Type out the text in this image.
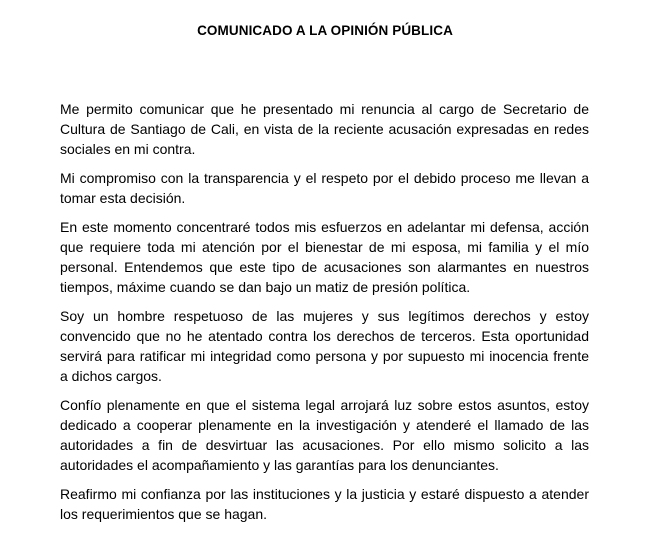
COMUNICADO A LA OPINIÓN PÚBLICA

Me permito comunicar que he presentado mi renuncia al cargo de Secretario de Cultura de Santiago de Cali, en vista de la reciente acusación expresadas en redes sociales en mi contra.

Mi compromiso con la transparencia y el respeto por el debido proceso me llevan a tomar esta decisión.

En este momento concentraré todos mis esfuerzos en adelantar mi defensa, acción que requiere toda mi atención por el bienestar de mi esposa, mi familia y el mío personal. Entendemos que este tipo de acusaciones son alarmantes en nuestros tiempos, máxime cuando se dan bajo un matiz de presión política.

Soy un hombre respetuoso de las mujeres y sus legítimos derechos y estoy convencido que no he atentado contra los derechos de terceros. Esta oportunidad servirá para ratificar mi integridad como persona y por supuesto mi inocencia frente a dichos cargos.

Confío plenamente en que el sistema legal arrojará luz sobre estos asuntos, estoy dedicado a cooperar plenamente en la investigación y atenderé el llamado de las autoridades a fin de desvirtuar las acusaciones. Por ello mismo solicito a las autoridades el acompañamiento y las garantías para los denunciantes.

Reafirmo mi confianza por las instituciones y la justicia y estaré dispuesto a atender los requerimientos que se hagan.
